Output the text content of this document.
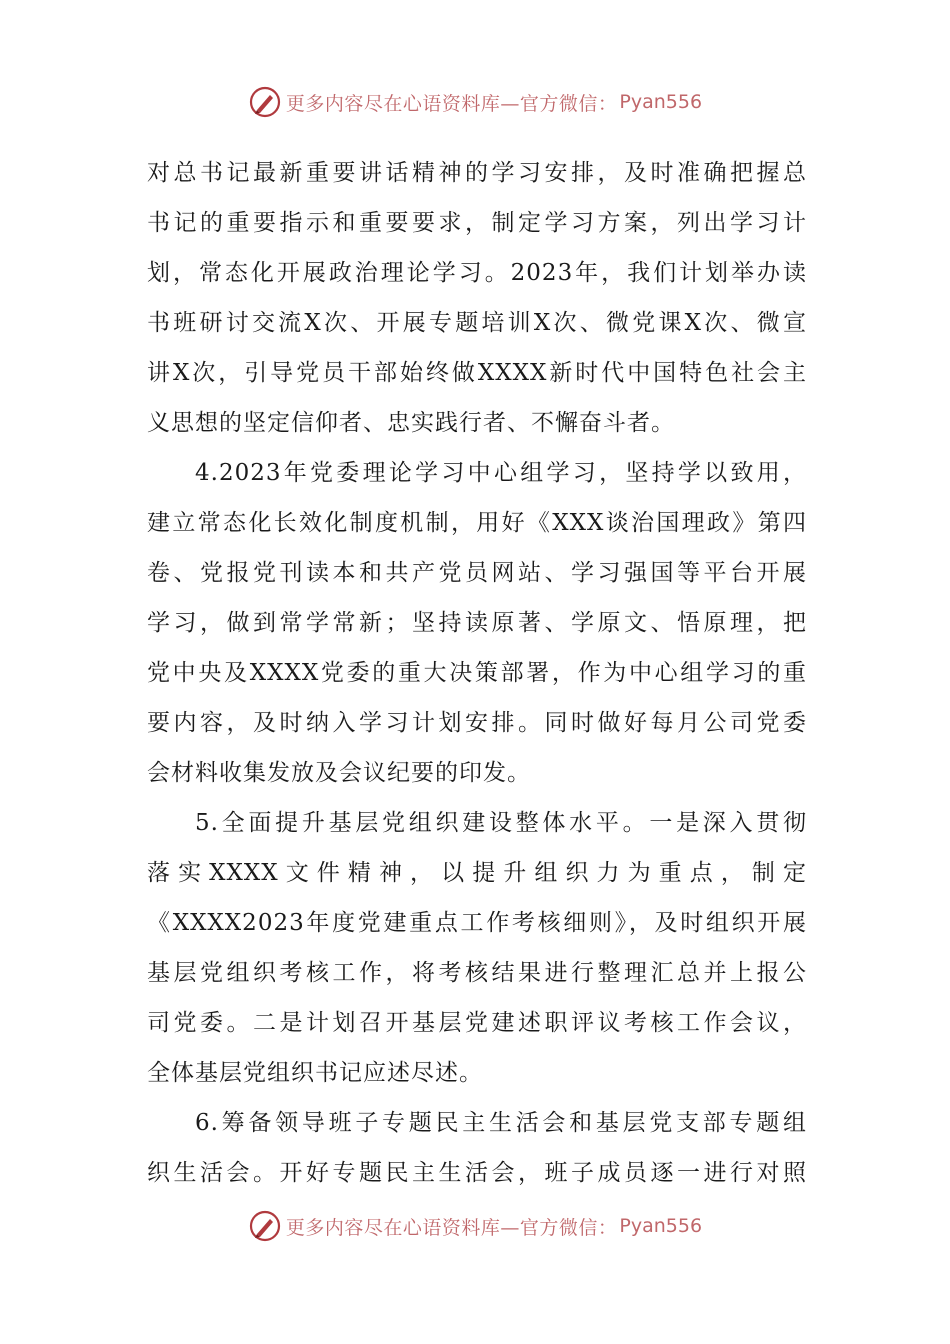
更多内容尽在心语资料库—官方微信： Pyan556
对总书记最新重要讲话精神的学习安排，及时准确把握总
书记的重要指示和重要要求，制定学习方案，列出学习计
划，常态化开展政治理论学习。2023年，我们计划举办读
书班研讨交流X次、开展专题培训X次、微党课X次、微宣
讲X次，引导党员干部始终做XXXX新时代中国特色社会主
义思想的坚定信仰者、忠实践行者、不懈奋斗者。
4.2023年党委理论学习中心组学习，坚持学以致用，
建立常态化长效化制度机制，用好《XXX谈治国理政》第四
卷、党报党刊读本和共产党员网站、学习强国等平台开展
学习，做到常学常新；坚持读原著、学原文、悟原理，把
党中央及XXXX党委的重大决策部署，作为中心组学习的重
要内容，及时纳入学习计划安排。同时做好每月公司党委
会材料收集发放及会议纪要的印发。
5.全面提升基层党组织建设整体水平。一是深入贯彻
落实XXXX文件精神，以提升组织力为重点，制定
《XXXX2023年度党建重点工作考核细则》，及时组织开展
基层党组织考核工作，将考核结果进行整理汇总并上报公
司党委。二是计划召开基层党建述职评议考核工作会议，
全体基层党组织书记应述尽述。
6.筹备领导班子专题民主生活会和基层党支部专题组
织生活会。开好专题民主生活会，班子成员逐一进行对照
更多内容尽在心语资料库—官方微信： Pyan556
